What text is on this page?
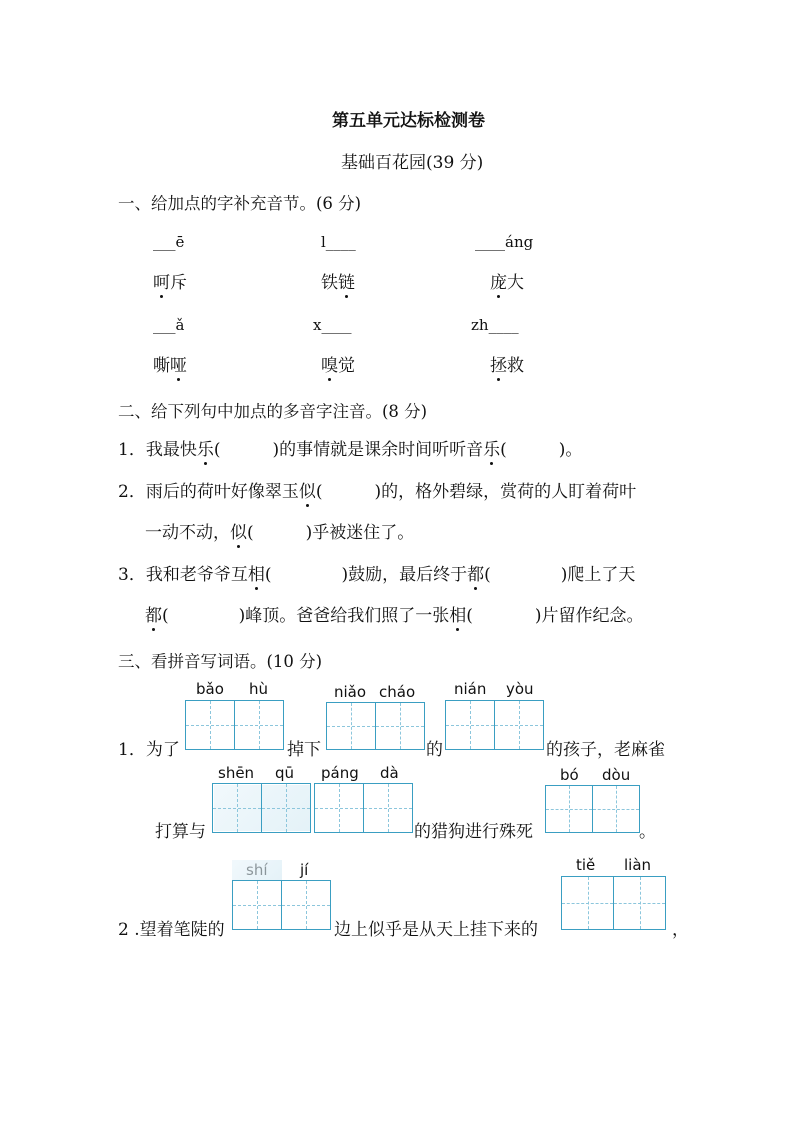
第五单元达标检测卷
基础百花园(39 分)
一、给加点的字补充音节。(6 分)
___ē	l____	____áng
呵斥	铁链	庞大
___ǎ	x____	zh____
嘶哑	嗅觉	拯救
二、给下列句中加点的多音字注音。(8 分)
1．我最快乐(	)的事情就是课余时间听听音乐(	)。
2．雨后的荷叶好像翠玉似(	)的，格外碧绿，赏荷的人盯着荷叶
一动不动，似(	)乎被迷住了。
3．我和老爷爷互相(	)鼓励，最后终于都(	)爬上了天
都(	)峰顶。爸爸给我们照了一张相(	)片留作纪念。
三、看拼音写词语。(10 分)
bǎo hù	niǎo cháo	nián yòu
1．为了	掉下	的	的孩子，老麻雀
shēn qū páng dà	bó dòu
打算与	的猎狗进行殊死	。
jí	tiě liàn
2 .望着笔陡的	边上似乎是从天上挂下来的	，
